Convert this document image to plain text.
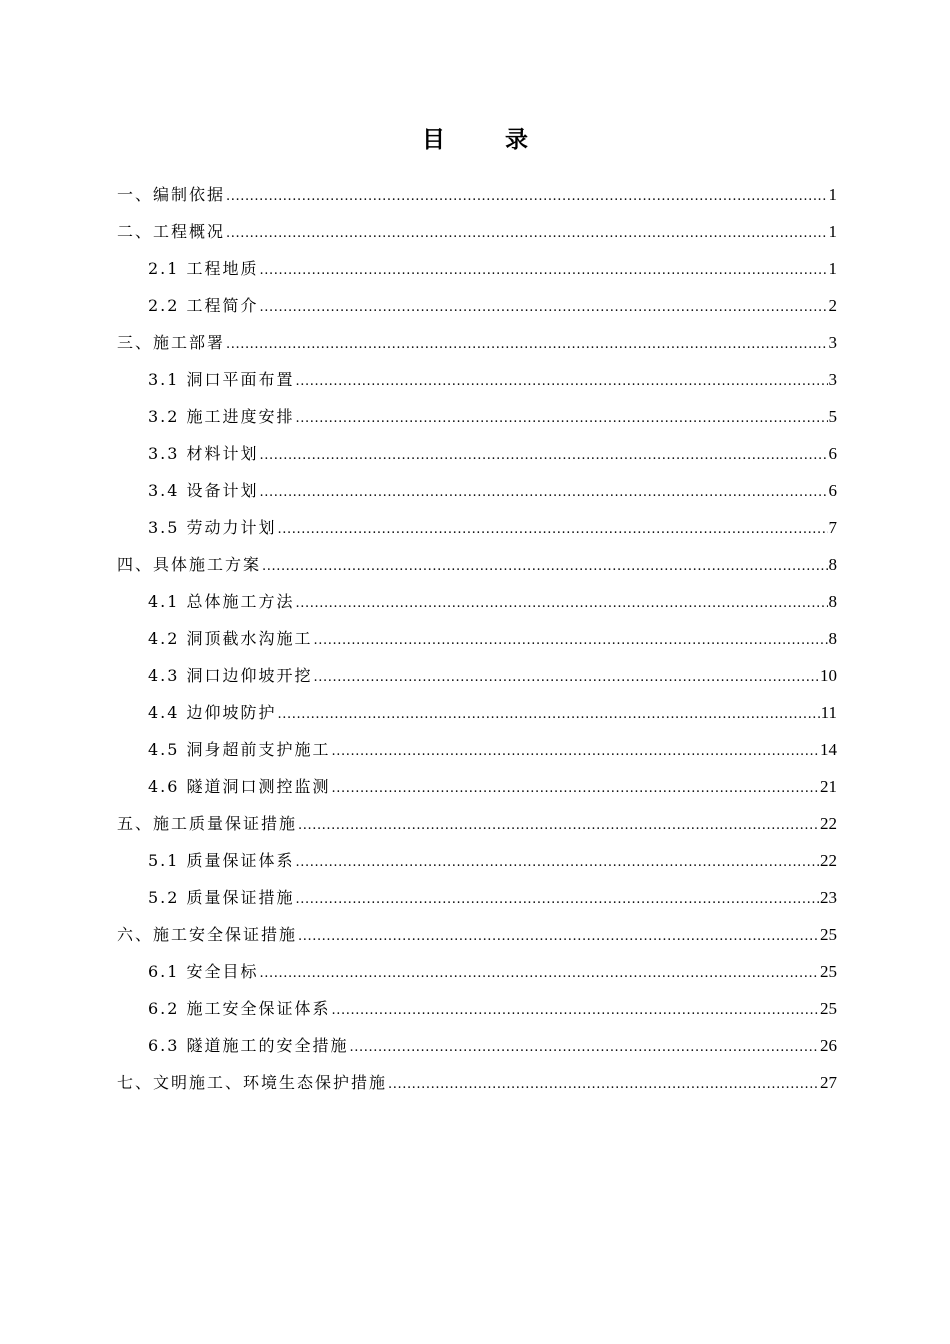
目 录
一、编制依据 .....	1
二、工程概况 .....	1
2.1 工程地质 .....	1
2.2 工程简介 .....	2
三、施工部署 .....	3
3.1 洞口平面布置 .....	3
3.2 施工进度安排 .....	5
3.3 材料计划 .....	6
3.4 设备计划 .....	6
3.5 劳动力计划 .....	7
四、具体施工方案 .....	8
4.1 总体施工方法 .....	8
4.2 洞顶截水沟施工 .....	8
4.3 洞口边仰坡开挖 .....	10
4.4 边仰坡防护 .....	11
4.5 洞身超前支护施工 .....	14
4.6 隧道洞口测控监测 .....	21
五、施工质量保证措施 .....	22
5.1 质量保证体系 .....	22
5.2 质量保证措施 .....	23
六、施工安全保证措施 .....	25
6.1 安全目标 .....	25
6.2 施工安全保证体系 .....	25
6.3 隧道施工的安全措施 .....	26
七、文明施工、环境生态保护措施 .....	27
